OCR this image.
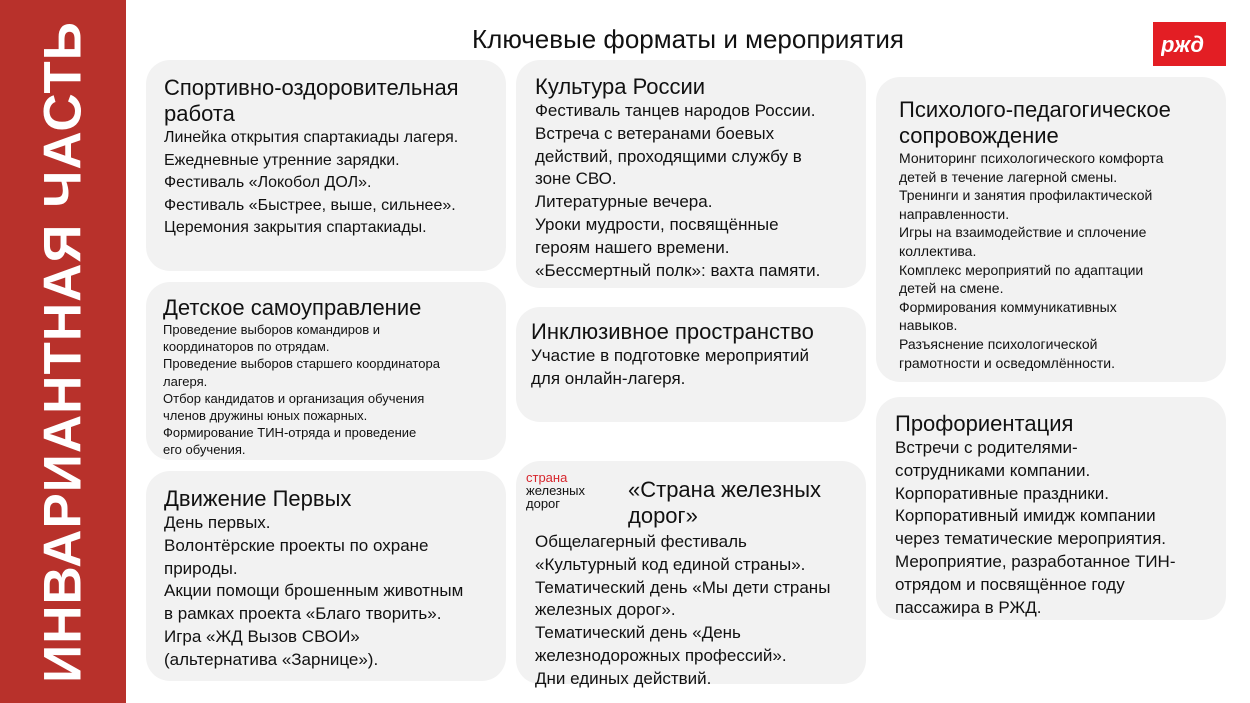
ИНВАРИАНТНАЯ ЧАСТЬ	Ключевые форматы и мероприятия	ржд
Спортивно-оздоровительная
работа
Линейка открытия спартакиады лагеря.
Ежедневные утренние зарядки.
Фестиваль «Локобол ДОЛ».
Фестиваль «Быстрее, выше, сильнее».
Церемония закрытия спартакиады.
Детское самоуправление
Проведение выборов командиров и
координаторов по отрядам.
Проведение выборов старшего координатора
лагеря.
Отбор кандидатов и организация обучения
членов дружины юных пожарных.
Формирование ТИН-отряда и проведение
его обучения.
Движение Первых
День первых.
Волонтёрские проекты по охране
природы.
Акции помощи брошенным животным
в рамках проекта «Благо творить».
Игра «ЖД Вызов СВОИ»
(альтернатива «Зарнице»).
Культура России
Фестиваль танцев народов России.
Встреча с ветеранами боевых
действий, проходящими службу в
зоне СВО.
Литературные вечера.
Уроки мудрости, посвящённые
героям нашего времени.
«Бессмертный полк»: вахта памяти.
Инклюзивное пространство
Участие в подготовке мероприятий
для онлайн-лагеря.
страна
железных
дорог
«Страна железных
дорог»
Общелагерный фестиваль
«Культурный код единой страны».
Тематический день «Мы дети страны
железных дорог».
Тематический день «День
железнодорожных профессий».
Дни единых действий.
Психолого-педагогическое
сопровождение
Мониторинг психологического комфорта
детей в течение лагерной смены.
Тренинги и занятия профилактической
направленности.
Игры на взаимодействие и сплочение
коллектива.
Комплекс мероприятий по адаптации
детей на смене.
Формирования коммуникативных
навыков.
Разъяснение психологической
грамотности и осведомлённости.
Профориентация
Встречи с родителями-
сотрудниками компании.
Корпоративные праздники.
Корпоративный имидж компании
через тематические мероприятия.
Мероприятие, разработанное ТИН-
отрядом и посвящённое году
пассажира в РЖД.
